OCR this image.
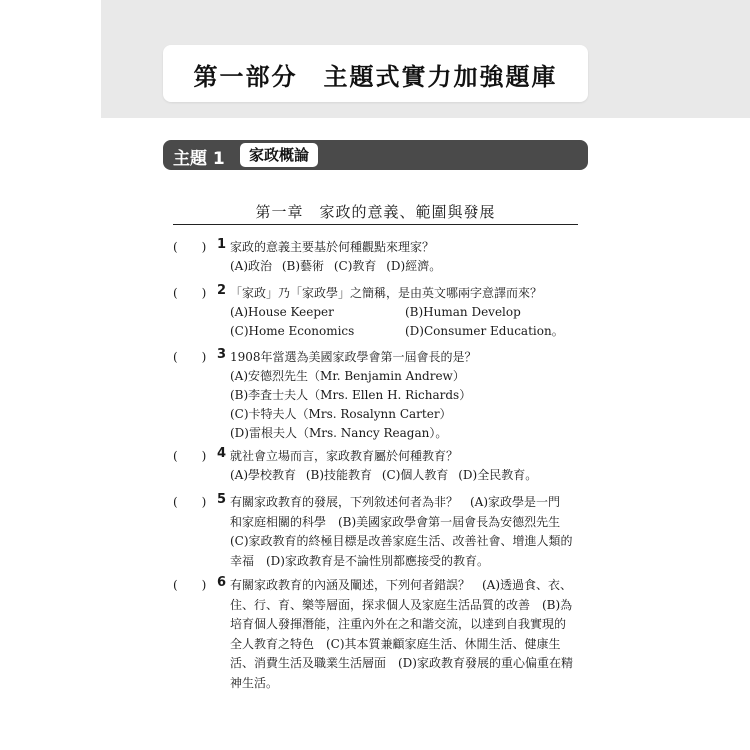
第一部分　主題式實力加強題庫
主題 1	家政概論
第一章　家政的意義、範圍與發展
(　　) 1 家政的意義主要基於何種觀點來理家？
(A)政治 (B)藝術 (C)教育 (D)經濟。
(　　) 2 「家政」乃「家政學」之簡稱，是由英文哪兩字意譯而來？
(A)House Keeper	(B)Human Develop
(C)Home Economics	(D)Consumer Education。
(　　) 3 1908年當選為美國家政學會第一屆會長的是？
(A)安德烈先生（Mr. Benjamin Andrew）
(B)李査士夫人（Mrs. Ellen H. Richards）
(C)卡特夫人（Mrs. Rosalynn Carter）
(D)雷根夫人（Mrs. Nancy Reagan）。
(　　) 4 就社會立場而言，家政教育屬於何種教育？
(A)學校教育 (B)技能教育 (C)個人教育 (D)全民教育。
(　　) 5 有關家政教育的發展，下列敘述何者為非？　(A)家政學是一門
和家庭相關的科學　(B)美國家政學會第一屆會長為安德烈先生
(C)家政教育的終極目標是改善家庭生活、改善社會、增進人類的
幸福　(D)家政教育是不論性別都應接受的教育。
(　　) 6 有關家政教育的內涵及闡述，下列何者錯誤？　(A)透過食、衣、
住、行、育、樂等層面，探求個人及家庭生活品質的改善　(B)為
培育個人發揮潛能，注重內外在之和諧交流，以達到自我實現的
全人教育之特色　(C)其本質兼顧家庭生活、休閒生活、健康生
活、消費生活及職業生活層面　(D)家政教育發展的重心偏重在精
神生活。
